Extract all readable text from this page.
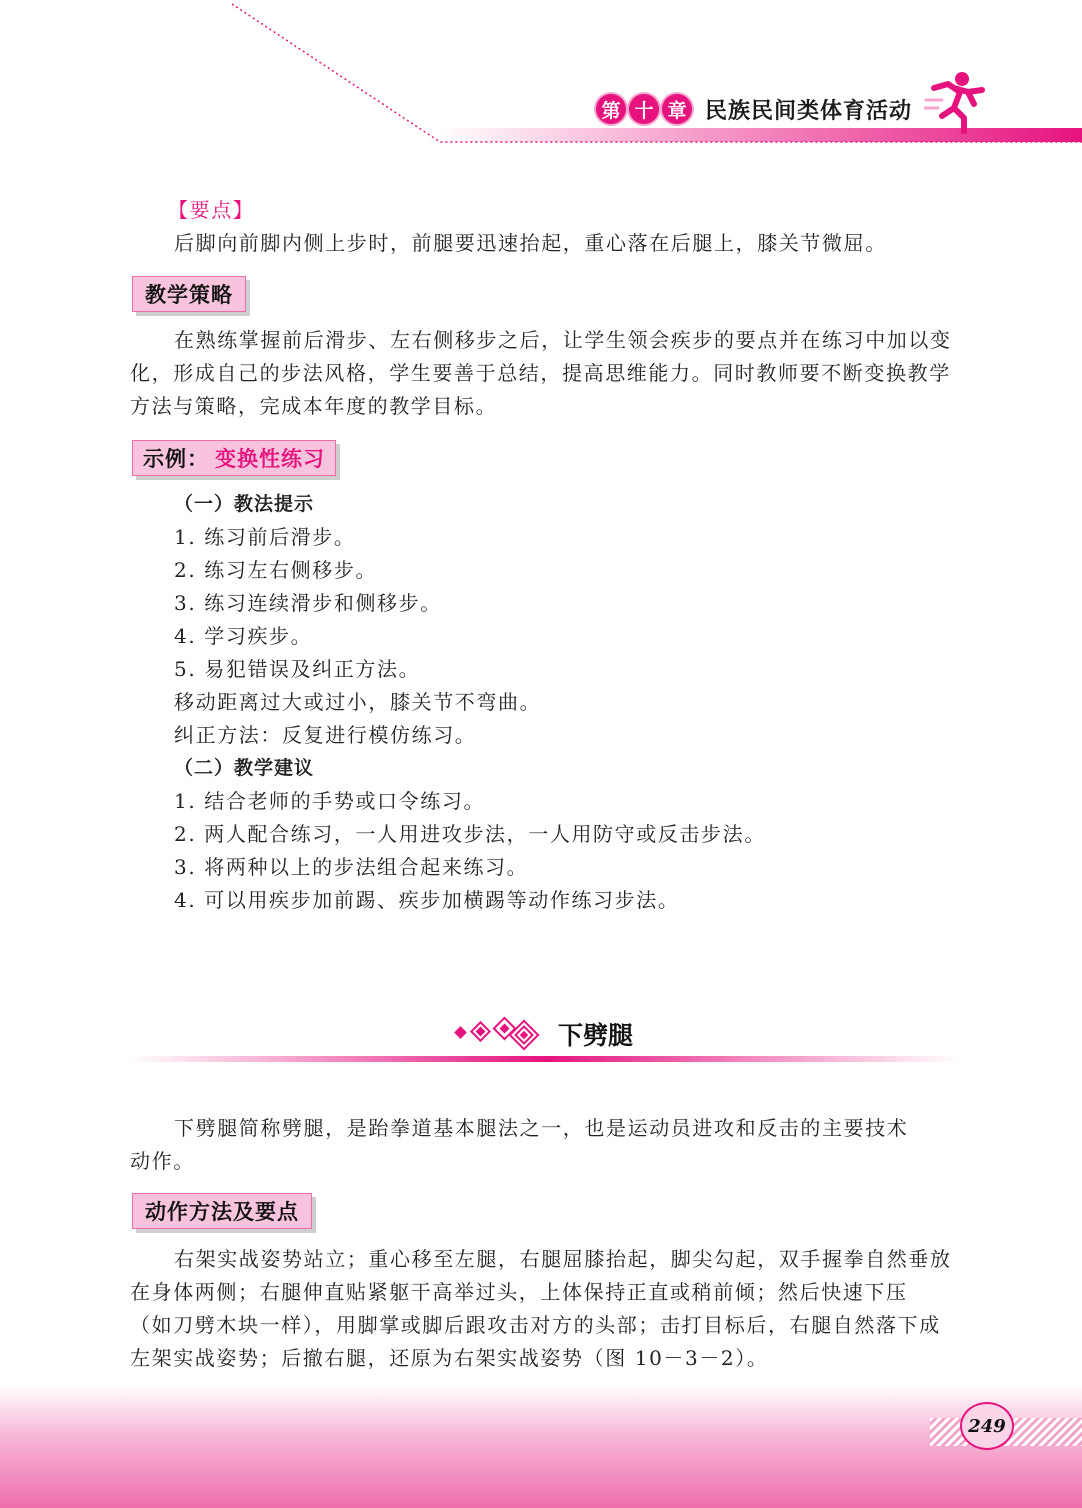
第 十 章 民族民间类体育活动
【要点】
后脚向前脚内侧上步时，前腿要迅速抬起，重心落在后腿上，膝关节微屈。
教学策略
在熟练掌握前后滑步、左右侧移步之后，让学生领会疾步的要点并在练习中加以变
化，形成自己的步法风格，学生要善于总结，提高思维能力。同时教师要不断变换教学
方法与策略，完成本年度的教学目标。
示例： 变换性练习
（一）教法提示
1. 练习前后滑步。
2. 练习左右侧移步。
3. 练习连续滑步和侧移步。
4. 学习疾步。
5. 易犯错误及纠正方法。
移动距离过大或过小，膝关节不弯曲。
纠正方法：反复进行模仿练习。
（二）教学建议
1. 结合老师的手势或口令练习。
2. 两人配合练习，一人用进攻步法，一人用防守或反击步法。
3. 将两种以上的步法组合起来练习。
4. 可以用疾步加前踢、疾步加横踢等动作练习步法。
下劈腿
下劈腿简称劈腿，是跆拳道基本腿法之一，也是运动员进攻和反击的主要技术
动作。
动作方法及要点
右架实战姿势站立；重心移至左腿，右腿屈膝抬起，脚尖勾起，双手握拳自然垂放
在身体两侧；右腿伸直贴紧躯干高举过头，上体保持正直或稍前倾；然后快速下压
（如刀劈木块一样），用脚掌或脚后跟攻击对方的头部；击打目标后，右腿自然落下成
左架实战姿势；后撤右腿，还原为右架实战姿势（图 10－3－2）。
249
